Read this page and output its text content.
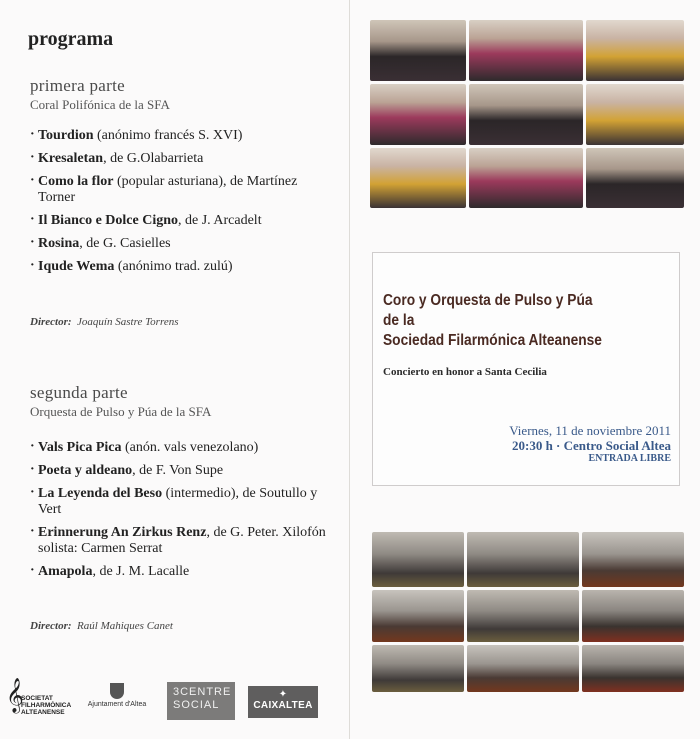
programa
primera parte
Coral Polifónica de la SFA
· Tourdion (anónimo francés S. XVI)
· Kresaletan, de G.Olabarrieta
· Como la flor (popular asturiana), de Martínez Torner
· Il Bianco e Dolce Cigno, de J. Arcadelt
· Rosina, de G. Casielles
· Iqude Wema (anónimo trad. zulú)
Director: Joaquín Sastre Torrens
segunda parte
Orquesta de Pulso y Púa de la SFA
· Vals Pica Pica (anón. vals venezolano)
· Poeta y aldeano, de F. Von Supe
· La Leyenda del Beso (intermedio), de Soutullo y Vert
· Erinnerung An Zirkus Renz, de G. Peter. Xilofón solista: Carmen Serrat
· Amapola, de J. M. Lacalle
Director: Raúl Mahiques Canet
𝄞
SOCIETAT
FILHARMÒNICA
ALTEANENSE
Ajuntament d'Altea
3CENTRE
SOCIAL
✦
CAIXALTEA
Coro y Orquesta de Pulso y Púa
de la
Sociedad Filarmónica Alteanense
Concierto en honor a Santa Cecilia
Viernes, 11 de noviembre 2011
20:30 h · Centro Social Altea
ENTRADA LIBRE
